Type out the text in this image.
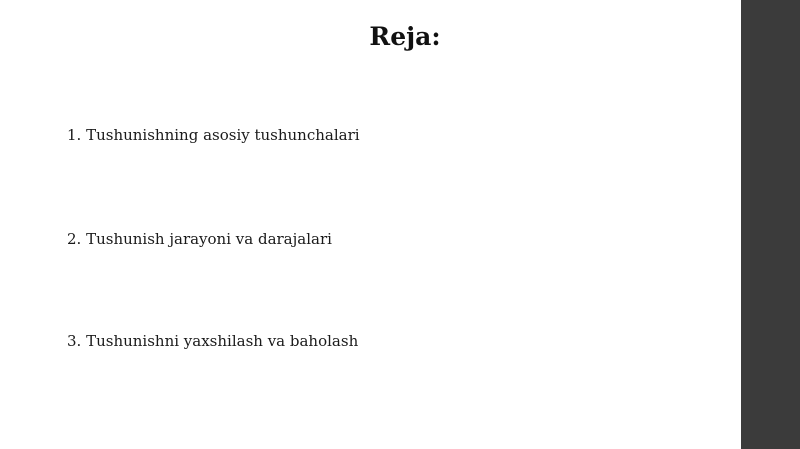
Reja:
1. Tushunishning asosiy tushunchalari
2. Tushunish jarayoni va darajalari
3. Tushunishni yaxshilash va baholash
